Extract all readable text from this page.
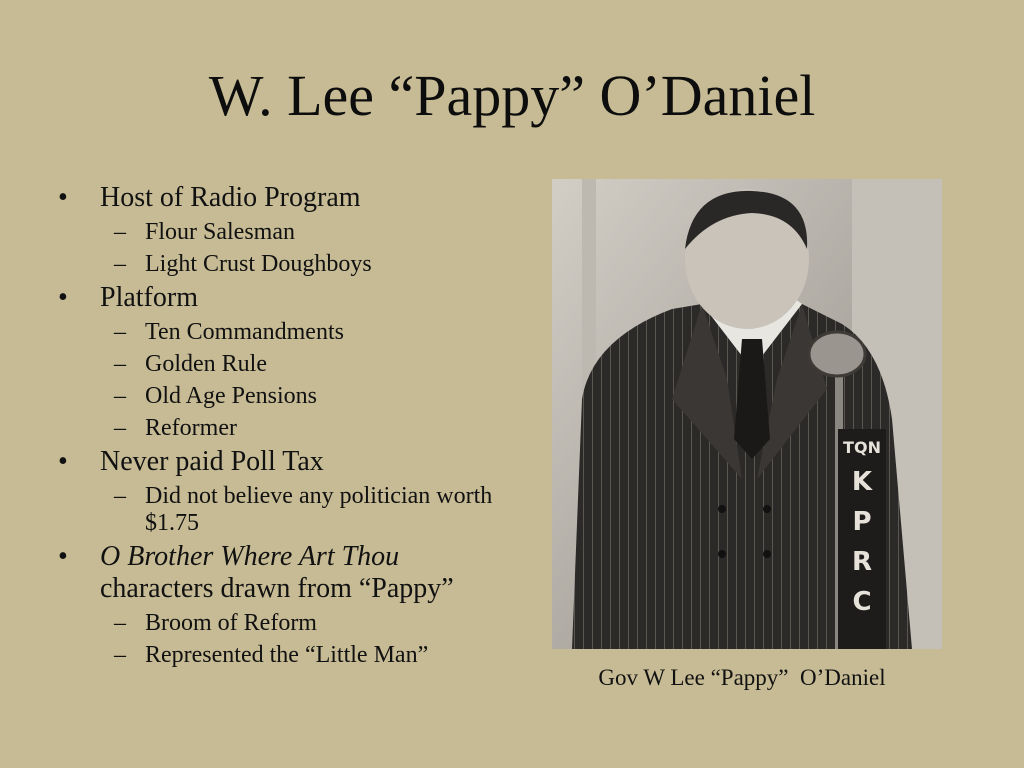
W. Lee “Pappy” O’Daniel
•	Host of Radio Program
– Flour Salesman
– Light Crust Doughboys
•	Platform
– Ten Commandments
– Golden Rule
– Old Age Pensions
– Reformer
•	Never paid Poll Tax
– Did not believe any politician worth $1.75
•	O Brother Where Art Thou
characters drawn from “Pappy”
– Broom of Reform
– Represented the “Little Man”
TQN
K
P
R
C
Gov W Lee “Pappy”  O’Daniel
